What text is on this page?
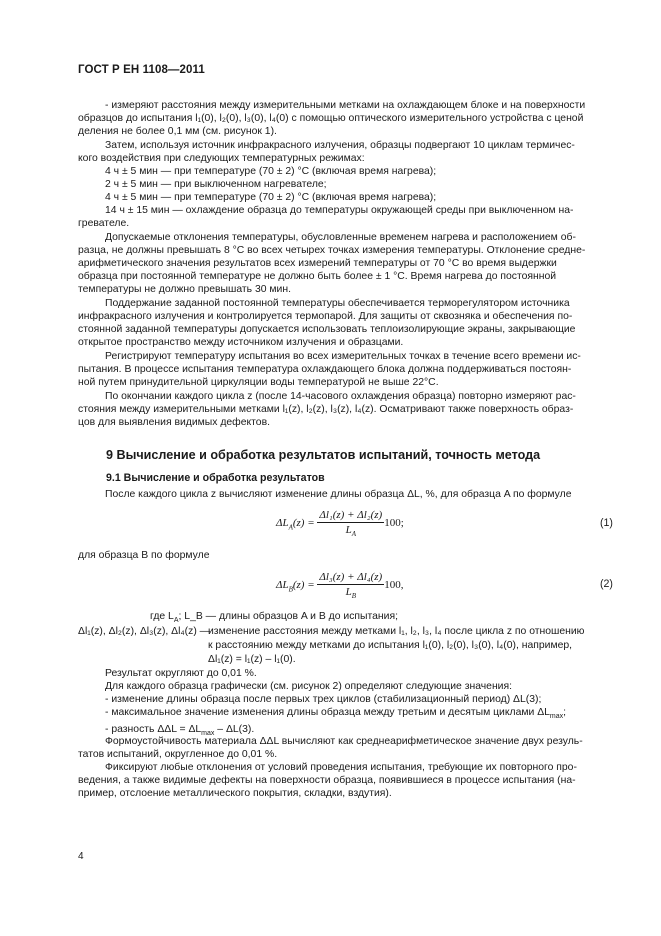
ГОСТ Р ЕН 1108—2011

- измеряют расстояния между измерительными метками на охлаждающем блоке и на поверхности

образцов до испытания l₁(0), l₂(0), l₃(0), l₄(0) с помощью оптического измерительного устройства с ценой

деления не более 0,1 мм (см. рисунок 1).

Затем, используя источник инфракрасного излучения, образцы подвергают 10 циклам термичес-

кого воздействия при следующих температурных режимах:

4 ч ± 5 мин — при температуре (70 ± 2) °С (включая время нагрева);

2 ч ± 5 мин — при выключенном нагревателе;

4 ч ± 5 мин — при температуре (70 ± 2) °С (включая время нагрева);

14 ч ± 15 мин — охлаждение образца до температуры окружающей среды при выключенном на-

гревателе.

Допускаемые отклонения температуры, обусловленные временем нагрева и расположением об-

разца, не должны превышать 8 °С во всех четырех точках измерения температуры. Отклонение средне-

арифметического значения результатов всех измерений температуры от 70 °С во время выдержки

образца при постоянной температуре не должно быть более ± 1 °С. Время нагрева до постоянной

температуры не должно превышать 30 мин.

Поддержание заданной постоянной температуры обеспечивается терморегулятором источника

инфракрасного излучения и контролируется термопарой. Для защиты от сквозняка и обеспечения по-

стоянной заданной температуры допускается использовать теплоизолирующие экраны, закрывающие

открытое пространство между источником излучения и образцами.

Регистрируют температуру испытания во всех измерительных точках в течение всего времени ис-

пытания. В процессе испытания температура охлаждающего блока должна поддерживаться постоян-

ной путем принудительной циркуляции воды температурой не выше 22°С.

По окончании каждого цикла z (после 14-часового охлаждения образца) повторно измеряют рас-

стояния между измерительными метками l₁(z), l₂(z), l₃(z), l₄(z). Осматривают также поверхность образ-

цов для выявления видимых дефектов.

9 Вычисление и обработка результатов испытаний, точность метода
9.1 Вычисление и обработка результатов

После каждого цикла z вычисляют изменение длины образца ΔL, %, для образца A по формуле

$\Delta L_A(z) = \frac{\text{Δl₁(z) + Δl₂(z)}}{L_A} 100$;	(1)

для образца B по формуле

$\Delta L_B(z) = \frac{\text{Δl₃(z) + Δl₄(z)}}{L_B} 100$,	(2)
где $L_A$; L_B — длины образцов A и B до испытания;
Δl₁(z), Δl₂(z), Δl₃(z), Δl₄(z) —
изменение расстояния между метками l₁, l₂, l₃, l₄ после цикла z по отношению
к расстоянию между метками до испытания l₁(0), l₂(0), l₃(0), l₄(0), например,
Δl₁(z) = l₁(z) – l₁(0).

Результат округляют до 0,01 %.

Для каждого образца графически (см. рисунок 2) определяют следующие значения:

- изменение длины образца после первых трех циклов (стабилизационный период) ΔL(3);

- максимальное значение изменения длины образца между третьим и десятым циклами $\Delta L_{max}$;

- разность $\Delta\Delta L = \Delta L_{max} - \Delta L(3)$.

Формоустойчивость материала ΔΔL вычисляют как среднеарифметическое значение двух резуль-

татов испытаний, округленное до 0,01 %.

Фиксируют любые отклонения от условий проведения испытания, требующие их повторного про-

ведения, а также видимые дефекты на поверхности образца, появившиеся в процессе испытания (на-

пример, отслоение металлического покрытия, складки, вздутия).

4
